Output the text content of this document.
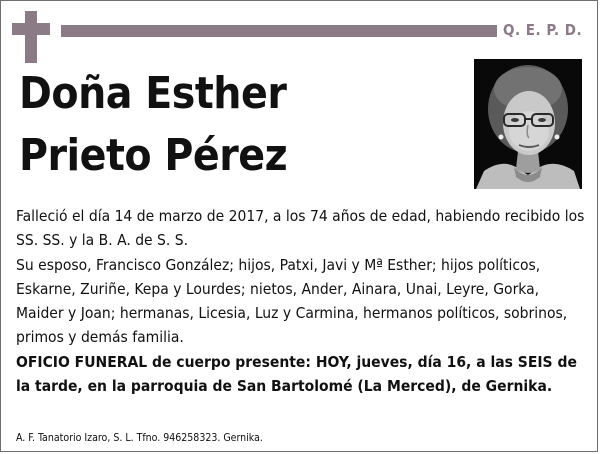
Q. E. P. D.
Doña Esther
Prieto Pérez

Falleció el día 14 de marzo de 2017, a los 74 años de edad, habiendo recibido los SS. SS. y la B. A. de S. S.

Su esposo, Francisco González; hijos, Patxi, Javi y Mª Esther; hijos políticos, Eskarne, Zuriñe, Kepa y Lourdes; nietos, Ander, Ainara, Unai, Leyre, Gorka, Maider y Joan; hermanas, Licesia, Luz y Carmina, hermanos políticos, sobrinos, primos y demás familia.

OFICIO FUNERAL de cuerpo presente: HOY, jueves, día 16, a las SEIS de la tarde, en la parroquia de San Bartolomé (La Merced), de Gernika.

A. F. Tanatorio Izaro, S. L. Tfno. 946258323. Gernika.
